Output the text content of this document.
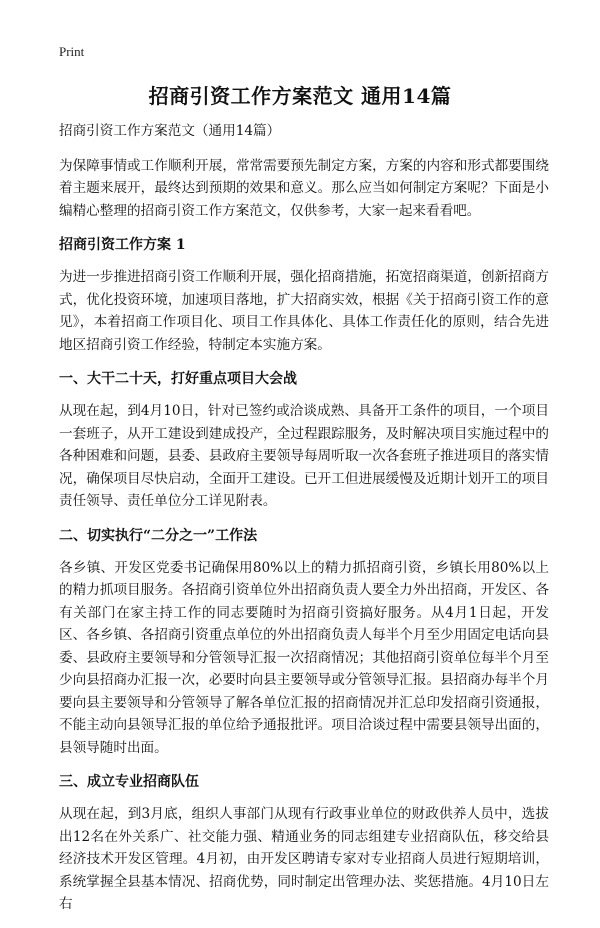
Print
招商引资工作方案范文 通用14篇

招商引资工作方案范文（通用14篇）

为保障事情或工作顺利开展，常常需要预先制定方案，方案的内容和形式都要围绕着主题来展开，最终达到预期的效果和意义。那么应当如何制定方案呢？下面是小编精心整理的招商引资工作方案范文，仅供参考，大家一起来看看吧。

招商引资工作方案 1

为进一步推进招商引资工作顺利开展，强化招商措施，拓宽招商渠道，创新招商方式，优化投资环境，加速项目落地，扩大招商实效，根据《关于招商引资工作的意见》，本着招商工作项目化、项目工作具体化、具体工作责任化的原则，结合先进地区招商引资工作经验，特制定本实施方案。

一、大干二十天，打好重点项目大会战

从现在起，到4月10日，针对已签约或洽谈成熟、具备开工条件的项目，一个项目一套班子，从开工建设到建成投产，全过程跟踪服务，及时解决项目实施过程中的各种困难和问题，县委、县政府主要领导每周听取一次各套班子推进项目的落实情况，确保项目尽快启动，全面开工建设。已开工但进展缓慢及近期计划开工的项目责任领导、责任单位分工详见附表。

二、切实执行“二分之一”工作法

各乡镇、开发区党委书记确保用80%以上的精力抓招商引资，乡镇长用80%以上的精力抓项目服务。各招商引资单位外出招商负责人要全力外出招商，开发区、各有关部门在家主持工作的同志要随时为招商引资搞好服务。从4月1日起，开发区、各乡镇、各招商引资重点单位的外出招商负责人每半个月至少用固定电话向县委、县政府主要领导和分管领导汇报一次招商情况；其他招商引资单位每半个月至少向县招商办汇报一次，必要时向县主要领导或分管领导汇报。县招商办每半个月要向县主要领导和分管领导了解各单位汇报的招商情况并汇总印发招商引资通报，不能主动向县领导汇报的单位给予通报批评。项目洽谈过程中需要县领导出面的，县领导随时出面。

三、成立专业招商队伍

从现在起，到3月底，组织人事部门从现有行政事业单位的财政供养人员中，选拔出12名在外关系广、社交能力强、精通业务的同志组建专业招商队伍，移交给县经济技术开发区管理。4月初，由开发区聘请专家对专业招商人员进行短期培训，系统掌握全县基本情况、招商优势，同时制定出管理办法、奖惩措施。4月10日左右
